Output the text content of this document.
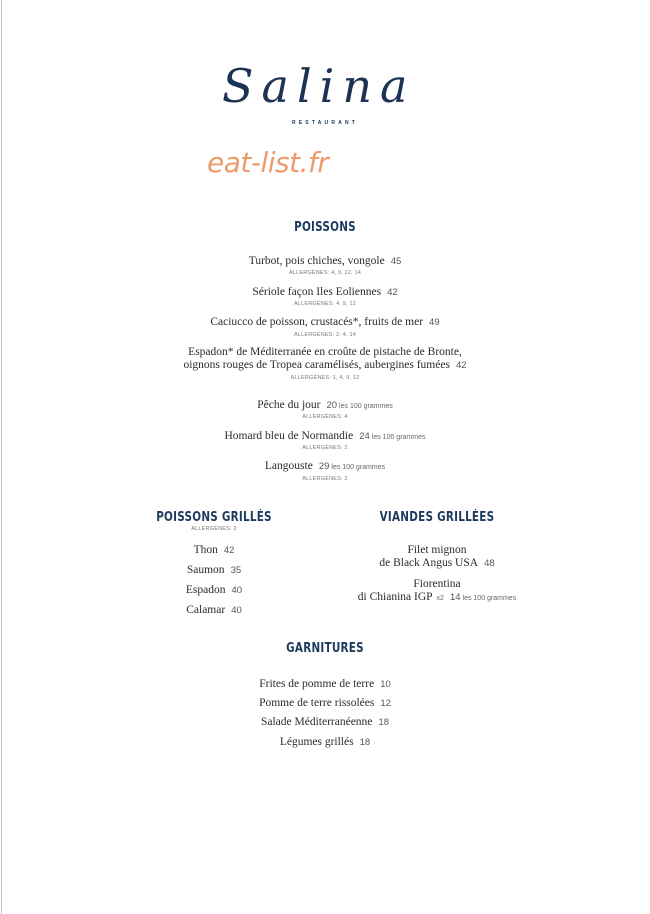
Salina
RESTAURANT
eat-list.fr
POISSONS
Turbot, pois chiches, vongole 45
ALLERGÈNES: 4, 9, 12, 14
Sériole façon Iles Eoliennes 42
ALLERGÈNES: 4, 9, 12
Caciucco de poisson, crustacés*, fruits de mer 49
ALLERGÈNES: 2, 4, 14
Espadon* de Méditerranée en croûte de pistache de Bronte,
oignons rouges de Tropea caramélisés, aubergines fumées 42
ALLERGÈNES: 1, 4, 9, 12
Pêche du jour 20 les 100 grammes
ALLERGÈNES: 4
Homard bleu de Normandie 24 les 100 grammes
ALLERGÈNES: 2
Langouste 29 les 100 grammes
ALLERGÈNES: 2
POISSONS GRILLÉS
ALLERGÈNES: 2
Thon 42
Saumon 35
Espadon 40
Calamar 40
VIANDES GRILLÉES
Filet mignon
de Black Angus USA 48
Fiorentina
di Chianina IGP x2 14 les 100 grammes
GARNITURES
Frites de pomme de terre 10
Pomme de terre rissolées 12
Salade Méditerranéenne 18
Légumes grillés 18
